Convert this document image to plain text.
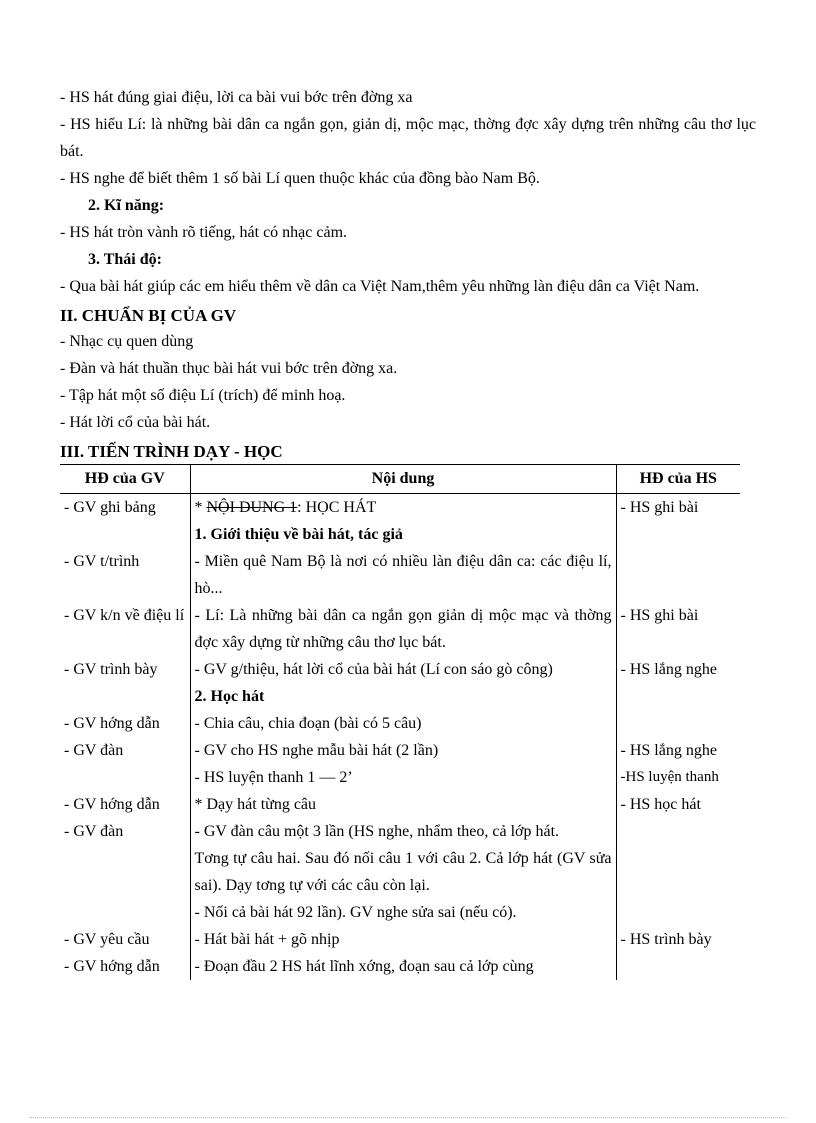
- HS hát đúng giai điệu, lời ca bài vui bớc trên đờng xa
- HS hiểu Lí: là những bài dân ca ngắn gọn, giản dị, mộc mạc, thờng đợc xây dựng trên những câu thơ lục bát.
- HS nghe để biết thêm 1 số bài Lí quen thuộc khác của đồng bào Nam Bộ.
2. Kĩ năng:
- HS hát tròn vành rõ tiếng, hát có nhạc cảm.
3. Thái độ:
- Qua bài hát giúp các em hiểu thêm về dân ca Việt Nam,thêm yêu những làn điệu dân ca Việt Nam.
II. CHUẨN BỊ CỦA GV
- Nhạc cụ quen dùng
- Đàn và hát thuần thục bài hát vui bớc trên đờng xa.
- Tập hát một số điệu Lí (trích) để minh hoạ.
- Hát lời cổ của bài hát.
III. TIẾN TRÌNH DẠY - HỌC
HĐ của GV	Nội dung	HĐ của HS
- GV ghi bảng	* NỘI DUNG 1: HỌC HÁT	- HS ghi bài
	1. Giới thiệu về bài hát, tác giả	
- GV t/trình	- Miền quê Nam Bộ là nơi có nhiều làn điệu dân ca: các điệu lí, hò...	
- GV k/n về điệu lí	- Lí: Là những bài dân ca ngắn gọn giản dị mộc mạc và thờng đợc xây dựng từ những câu thơ lục bát.	- HS ghi bài
- GV trình bày	- GV g/thiệu, hát lời cổ của bài hát (Lí con sáo gò công)	- HS lắng nghe
	2. Học hát	
- GV hớng dẫn	- Chia câu, chia đoạn (bài có 5 câu)	
- GV đàn	- GV cho HS nghe mẫu bài hát (2 lần)	- HS lắng nghe
	- HS luyện thanh 1 — 2’	-HS luyện thanh
- GV hớng dẫn	* Dạy hát từng câu	- HS học hát
- GV đàn	- GV đàn câu một 3 lần (HS nghe, nhẩm theo, cả lớp hát.	
	Tơng tự câu hai. Sau đó nối câu 1 với câu 2. Cả lớp hát (GV sửa sai). Dạy tơng tự với các câu còn lại.	
	- Nối cả bài hát 92 lần). GV nghe sửa sai (nếu có).	
- GV yêu cầu	- Hát bài hát + gõ nhịp	- HS trình bày
- GV hớng dẫn	- Đoạn đầu 2 HS hát lĩnh xớng, đoạn sau cả lớp cùng	
